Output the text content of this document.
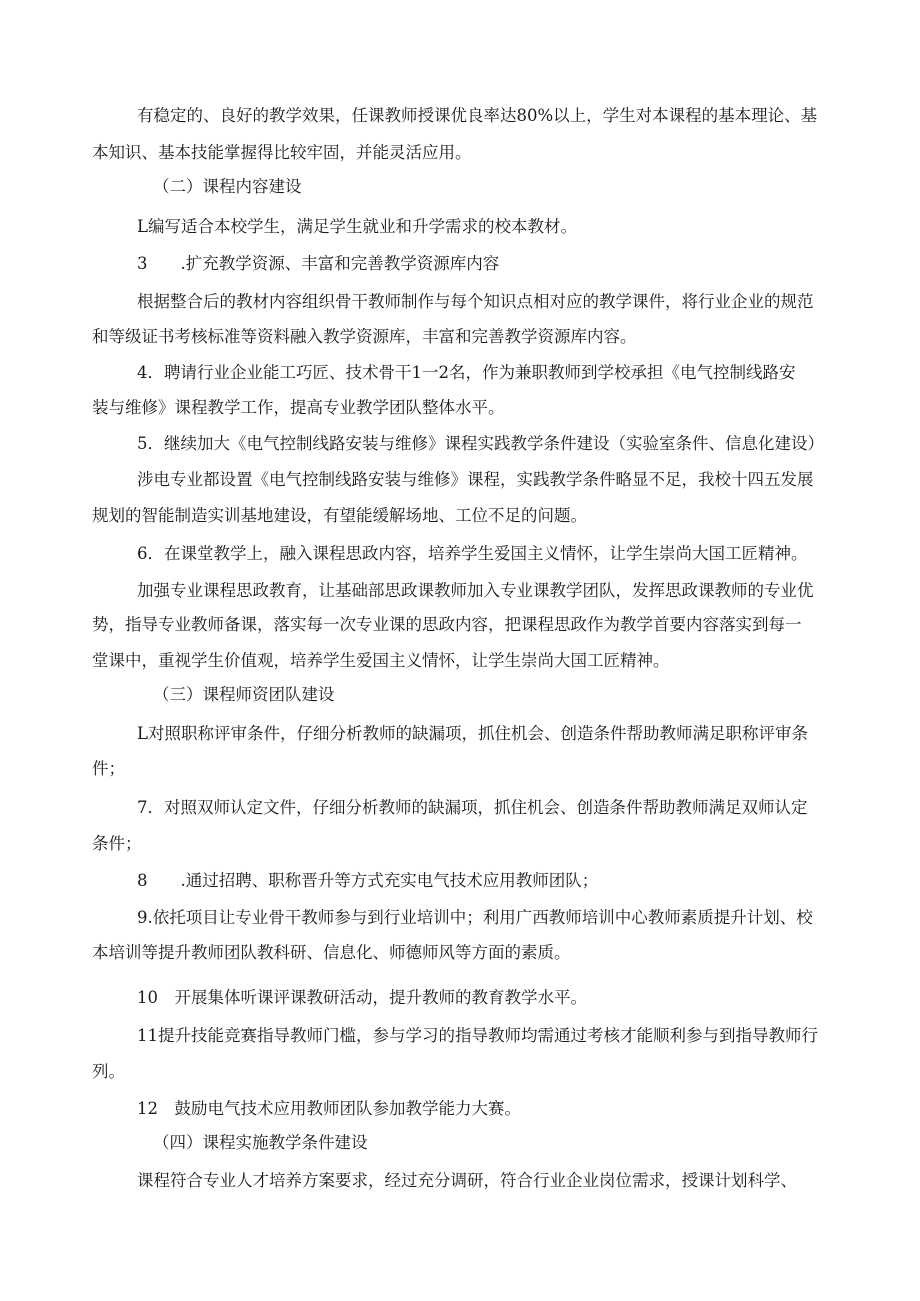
有稳定的、良好的教学效果，任课教师授课优良率达80%以上，学生对本课程的基本理论、基
本知识、基本技能掌握得比较牢固，并能灵活应用。
（二）课程内容建设
L编写适合本校学生，满足学生就业和升学需求的校本教材。
3　　.扩充教学资源、丰富和完善教学资源库内容
根据整合后的教材内容组织骨干教师制作与每个知识点相对应的教学课件，将行业企业的规范
和等级证书考核标准等资料融入教学资源库，丰富和完善教学资源库内容。
4．聘请行业企业能工巧匠、技术骨干1一2名，作为兼职教师到学校承担《电气控制线路安
装与维修》课程教学工作，提高专业教学团队整体水平。
5．继续加大《电气控制线路安装与维修》课程实践教学条件建设（实验室条件、信息化建设）
涉电专业都设置《电气控制线路安装与维修》课程，实践教学条件略显不足，我校十四五发展
规划的智能制造实训基地建设，有望能缓解场地、工位不足的问题。
6．在课堂教学上，融入课程思政内容，培养学生爱国主义情怀，让学生崇尚大国工匠精神。
加强专业课程思政教育，让基础部思政课教师加入专业课教学团队，发挥思政课教师的专业优
势，指导专业教师备课，落实每一次专业课的思政内容，把课程思政作为教学首要内容落实到每一
堂课中，重视学生价值观，培养学生爱国主义情怀，让学生崇尚大国工匠精神。
（三）课程师资团队建设
L对照职称评审条件，仔细分析教师的缺漏项，抓住机会、创造条件帮助教师满足职称评审条
件；
7．对照双师认定文件，仔细分析教师的缺漏项，抓住机会、创造条件帮助教师满足双师认定
条件；
8　　.通过招聘、职称晋升等方式充实电气技术应用教师团队；
9.依托项目让专业骨干教师参与到行业培训中；利用广西教师培训中心教师素质提升计划、校
本培训等提升教师团队教科研、信息化、师德师风等方面的素质。
10　开展集体听课评课教研活动，提升教师的教育教学水平。
11提升技能竞赛指导教师门槛，参与学习的指导教师均需通过考核才能顺利参与到指导教师行
列。
12　鼓励电气技术应用教师团队参加教学能力大赛。
（四）课程实施教学条件建设
课程符合专业人才培养方案要求，经过充分调研，符合行业企业岗位需求，授课计划科学、
